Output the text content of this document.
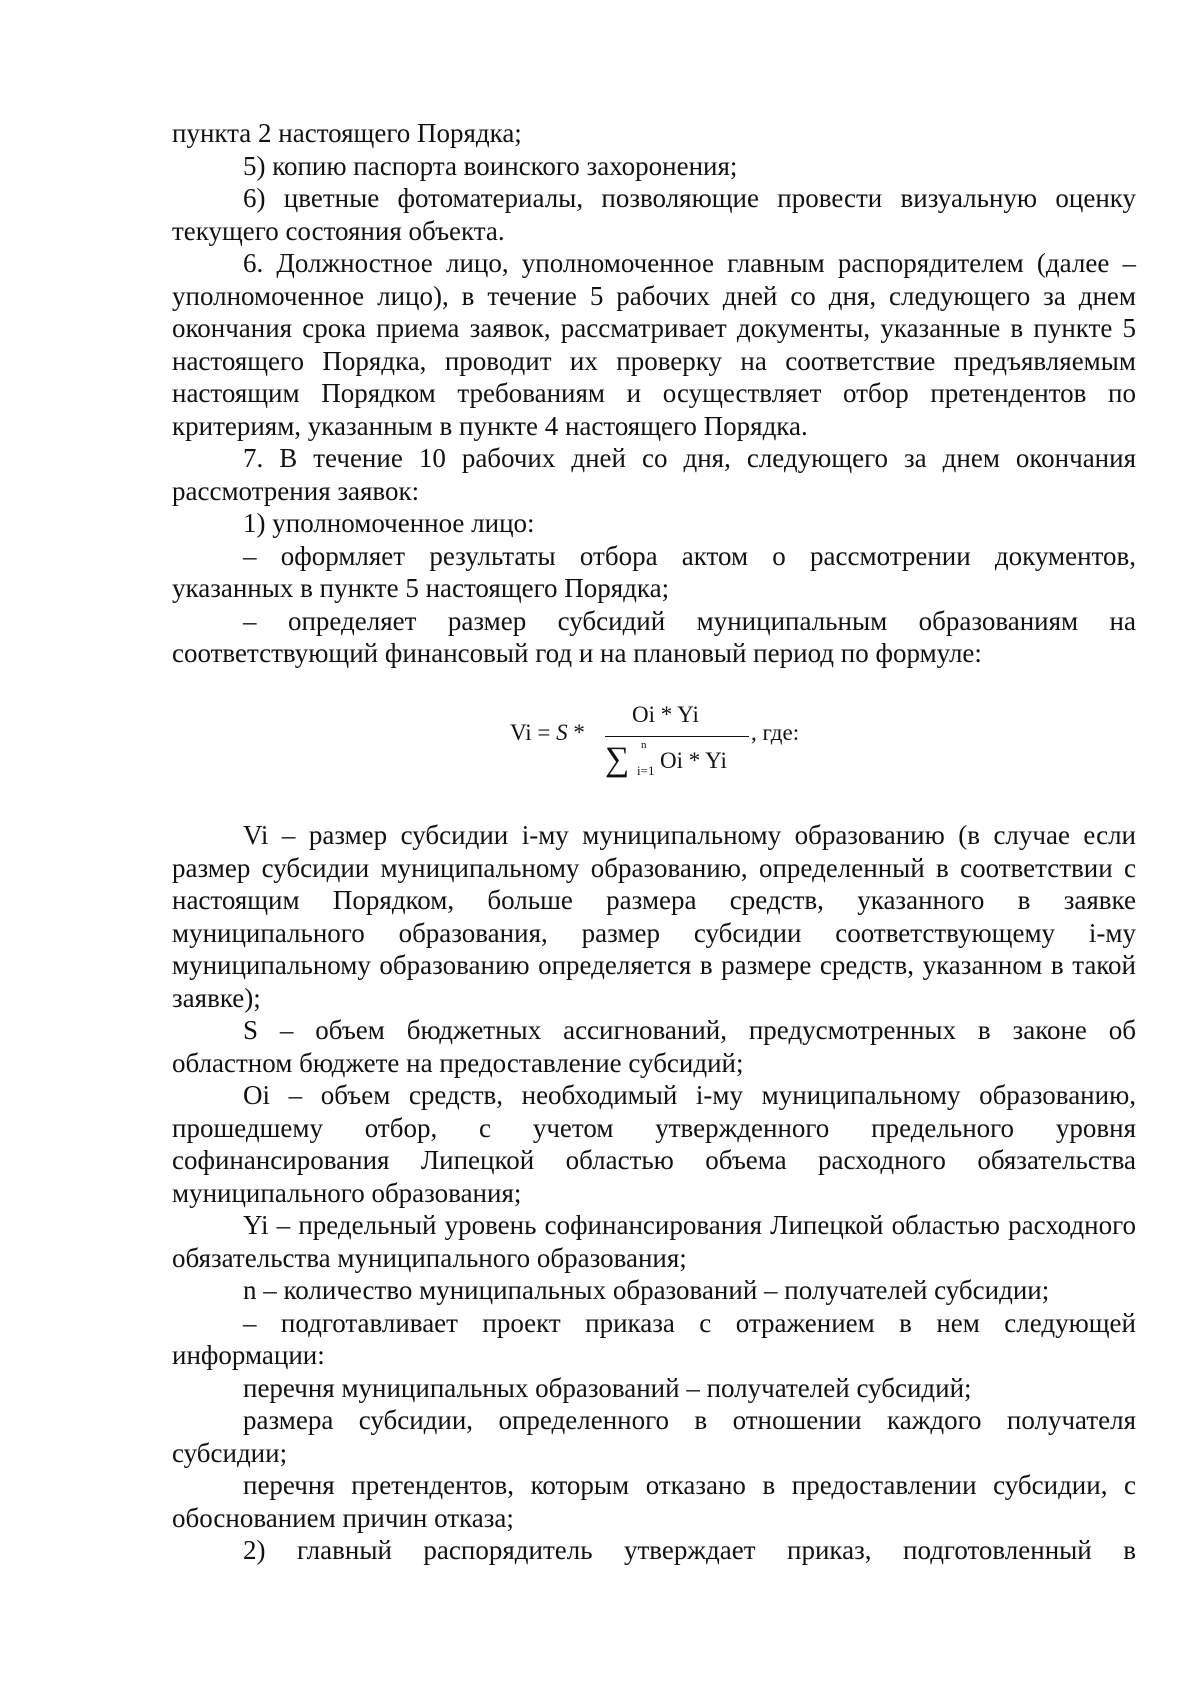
пункта 2 настоящего Порядка;

5) копию паспорта воинского захоронения;

6) цветные фотоматериалы, позволяющие провести визуальную оценку текущего состояния объекта.

6. Должностное лицо, уполномоченное главным распорядителем (далее – уполномоченное лицо), в течение 5 рабочих дней со дня, следующего за днем окончания срока приема заявок, рассматривает документы, указанные в пункте 5 настоящего Порядка, проводит их проверку на соответствие предъявляемым настоящим Порядком требованиям и осуществляет отбор претендентов по критериям, указанным в пункте 4 настоящего Порядка.

7. В течение 10 рабочих дней со дня, следующего за днем окончания рассмотрения заявок:

1) уполномоченное лицо:

– оформляет результаты отбора актом о рассмотрении документов, указанных в пункте 5 настоящего Порядка;

– определяет размер субсидий муниципальным образованиям на соответствующий финансовый год и на плановый период по формуле:

Vi = S *
Oi * Yi
∑ n
i=1 Oi * Yi
, где:

Vi – размер субсидии i-му муниципальному образованию (в случае если размер субсидии муниципальному образованию, определенный в соответствии с настоящим Порядком, больше размера средств, указанного в заявке муниципального образования, размер субсидии соответствующему i-му муниципальному образованию определяется в размере средств, указанном в такой заявке);

S – объем бюджетных ассигнований, предусмотренных в законе об областном бюджете на предоставление субсидий;

Oi – объем средств, необходимый i-му муниципальному образованию, прошедшему отбор, с учетом утвержденного предельного уровня софинансирования Липецкой областью объема расходного обязательства муниципального образования;

Yi – предельный уровень софинансирования Липецкой областью расходного обязательства муниципального образования;

n – количество муниципальных образований – получателей субсидии;

– подготавливает проект приказа с отражением в нем следующей информации:

перечня муниципальных образований – получателей субсидий;

размера субсидии, определенного в отношении каждого получателя субсидии;

перечня претендентов, которым отказано в предоставлении субсидии, с обоснованием причин отказа;

2) главный распорядитель утверждает приказ, подготовленный в
